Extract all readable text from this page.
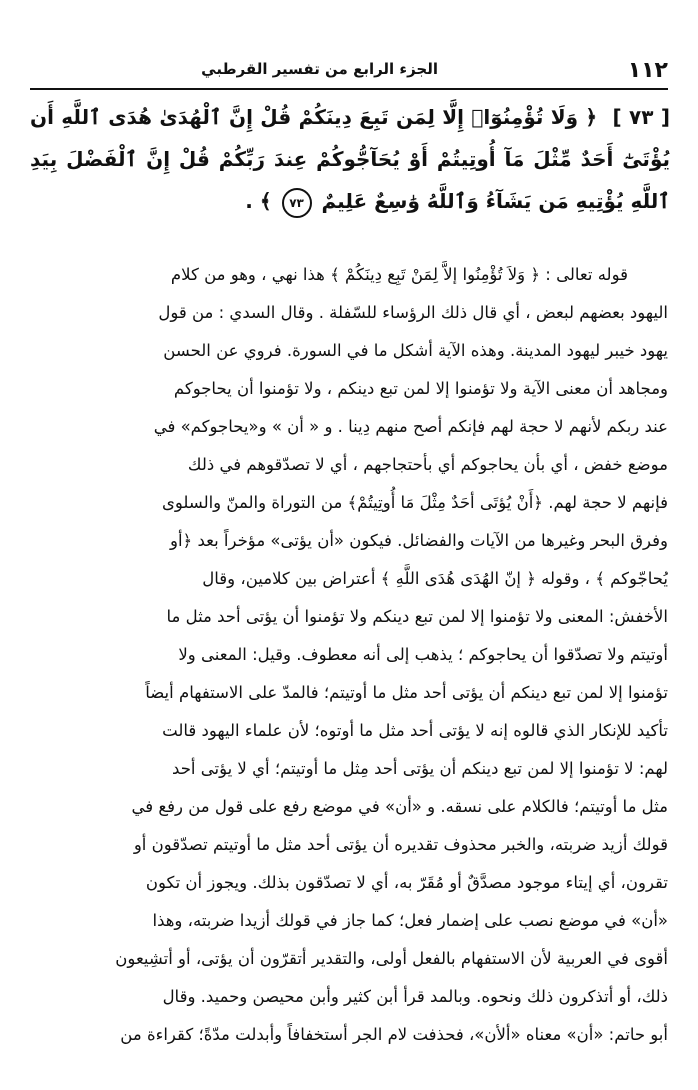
١١٢
الجزء الرابع من تفسير القرطبي
[ ٧٣ ] ﴿ وَلَا تُؤْمِنُوٓا۟ إِلَّا لِمَن تَبِعَ دِينَكُمْ قُلْ إِنَّ ٱلْهُدَىٰ هُدَى ٱللَّهِ أَن يُؤْتَىٰٓ أَحَدٌ مِّثْلَ مَآ أُوتِيتُمْ أَوْ يُحَآجُّوكُمْ عِندَ رَبِّكُمْ قُلْ إِنَّ ٱلْفَضْلَ بِيَدِ ٱللَّهِ يُؤْتِيهِ مَن يَشَآءُ وَٱللَّهُ وَٰسِعٌ عَلِيمٌ ٧٣ ﴾ .
قوله تعالى : ﴿ وَلاَ تُؤْمِنُوا إلاَّ لِمَنْ تَبِع دِينَكُمْ ﴾ هذا نهي ، وهو من كلام
اليهود بعضهم لبعض ، أي قال ذلك الرؤساء للسّفلة . وقال السدي : من قول
يهود خيبر ليهود المدينة. وهذه الآية أشكل ما في السورة. فروي عن الحسن
ومجاهد أن معنى الآية ولا تؤمنوا إلا لمن تبع دينكم ، ولا تؤمنوا أن يحاجوكم
عند ربكم لأنهم لا حجة لهم فإنكم أصح منهم دِينا . و « أن » و«يحاجوكم» في
موضع خفض ، أي بأن يحاجوكم أي بأحتجاجهم ، أي لا تصدّقوهم في ذلك
فإنهم لا حجة لهم. ﴿أَنْ يُؤتَى أحَدٌ مِثْلَ مَا أُوتِيتُمْ﴾ من التوراة والمنّ والسلوى
وفرق البحر وغيرها من الآيات والفضائل. فيكون «أن يؤتى» مؤخراً بعد ﴿أو
يُحاجّوكم ﴾ ، وقوله ﴿ إنّ الهُدَى هُدَى اللَّهِ ﴾ أعتراض بين كلامين، وقال
الأخفش: المعنى ولا تؤمنوا إلا لمن تبع دينكم ولا تؤمنوا أن يؤتى أحد مثل ما
أوتيتم ولا تصدّقوا أن يحاجوكم ؛ يذهب إلى أنه معطوف. وقيل: المعنى ولا
تؤمنوا إلا لمن تبع دينكم أن يؤتى أحد مثل ما أوتيتم؛ فالمدّ على الاستفهام أيضاً
تأكيد للإنكار الذي قالوه إنه لا يؤتى أحد مثل ما أوتوه؛ لأن علماء اليهود قالت
لهم: لا تؤمنوا إلا لمن تبع دينكم أن يؤتى أحد مِثل ما أوتيتم؛ أي لا يؤتى أحد
مثل ما أوتيتم؛ فالكلام على نسقه. و «أن» في موضع رفع على قول من رفع في
قولك أزيد ضربته، والخبر محذوف تقديره أن يؤتى أحد مثل ما أوتيتم تصدّقون أو
تقرون، أي إيتاء موجود مصدَّقٌ أو مُقَرّ به، أي لا تصدّقون بذلك. ويجوز أن تكون
«أن» في موضع نصب على إضمار فعل؛ كما جاز في قولك أزيدا ضربته، وهذا
أقوى في العربية لأن الاستفهام بالفعل أولى، والتقدير أتقرّون أن يؤتى، أو أتشِيعون
ذلك، أو أتذكرون ذلك ونحوه. وبالمد قرأ أبن كثير وأبن محيصن وحميد. وقال
أبو حاتم: «أن» معناه «ألأن»، فحذفت لام الجر أستخفافاً وأبدلت مدّةً؛ كقراءة من
